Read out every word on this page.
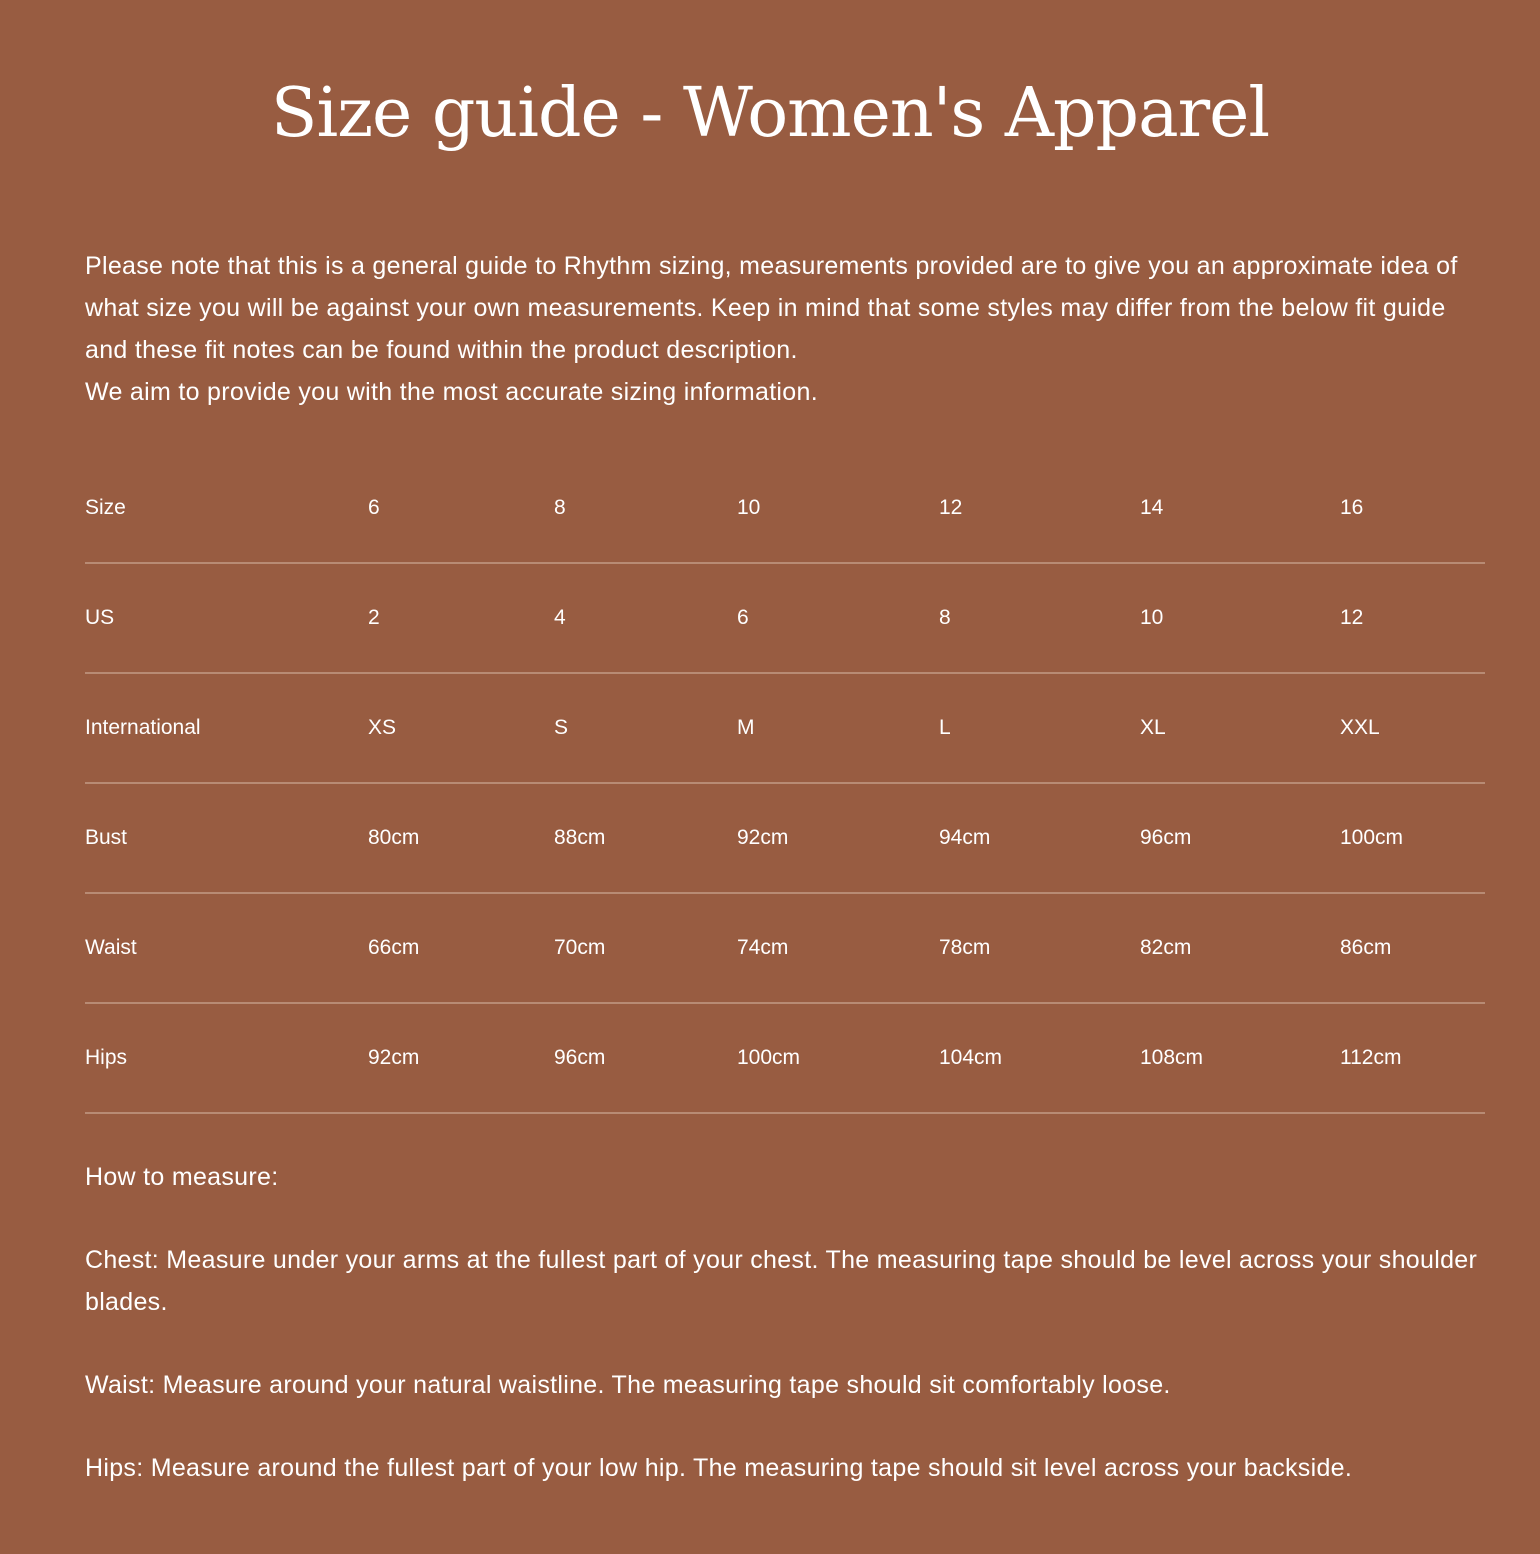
Size guide - Women's Apparel

Please note that this is a general guide to Rhythm sizing, measurements provided are to give you an approximate idea of what size you will be against your own measurements. Keep in mind that some styles may differ from the below fit guide and these fit notes can be found within the product description.

We aim to provide you with the most accurate sizing information.

Size	6	8	10	12	14	16
US	2	4	6	8	10	12
International	XS	S	M	L	XL	XXL
Bust	80cm	88cm	92cm	94cm	96cm	100cm
Waist	66cm	70cm	74cm	78cm	82cm	86cm
Hips	92cm	96cm	100cm	104cm	108cm	112cm

How to measure:

Chest: Measure under your arms at the fullest part of your chest. The measuring tape should be level across your shoulder blades.

Waist: Measure around your natural waistline. The measuring tape should sit comfortably loose.

Hips: Measure around the fullest part of your low hip. The measuring tape should sit level across your backside.
